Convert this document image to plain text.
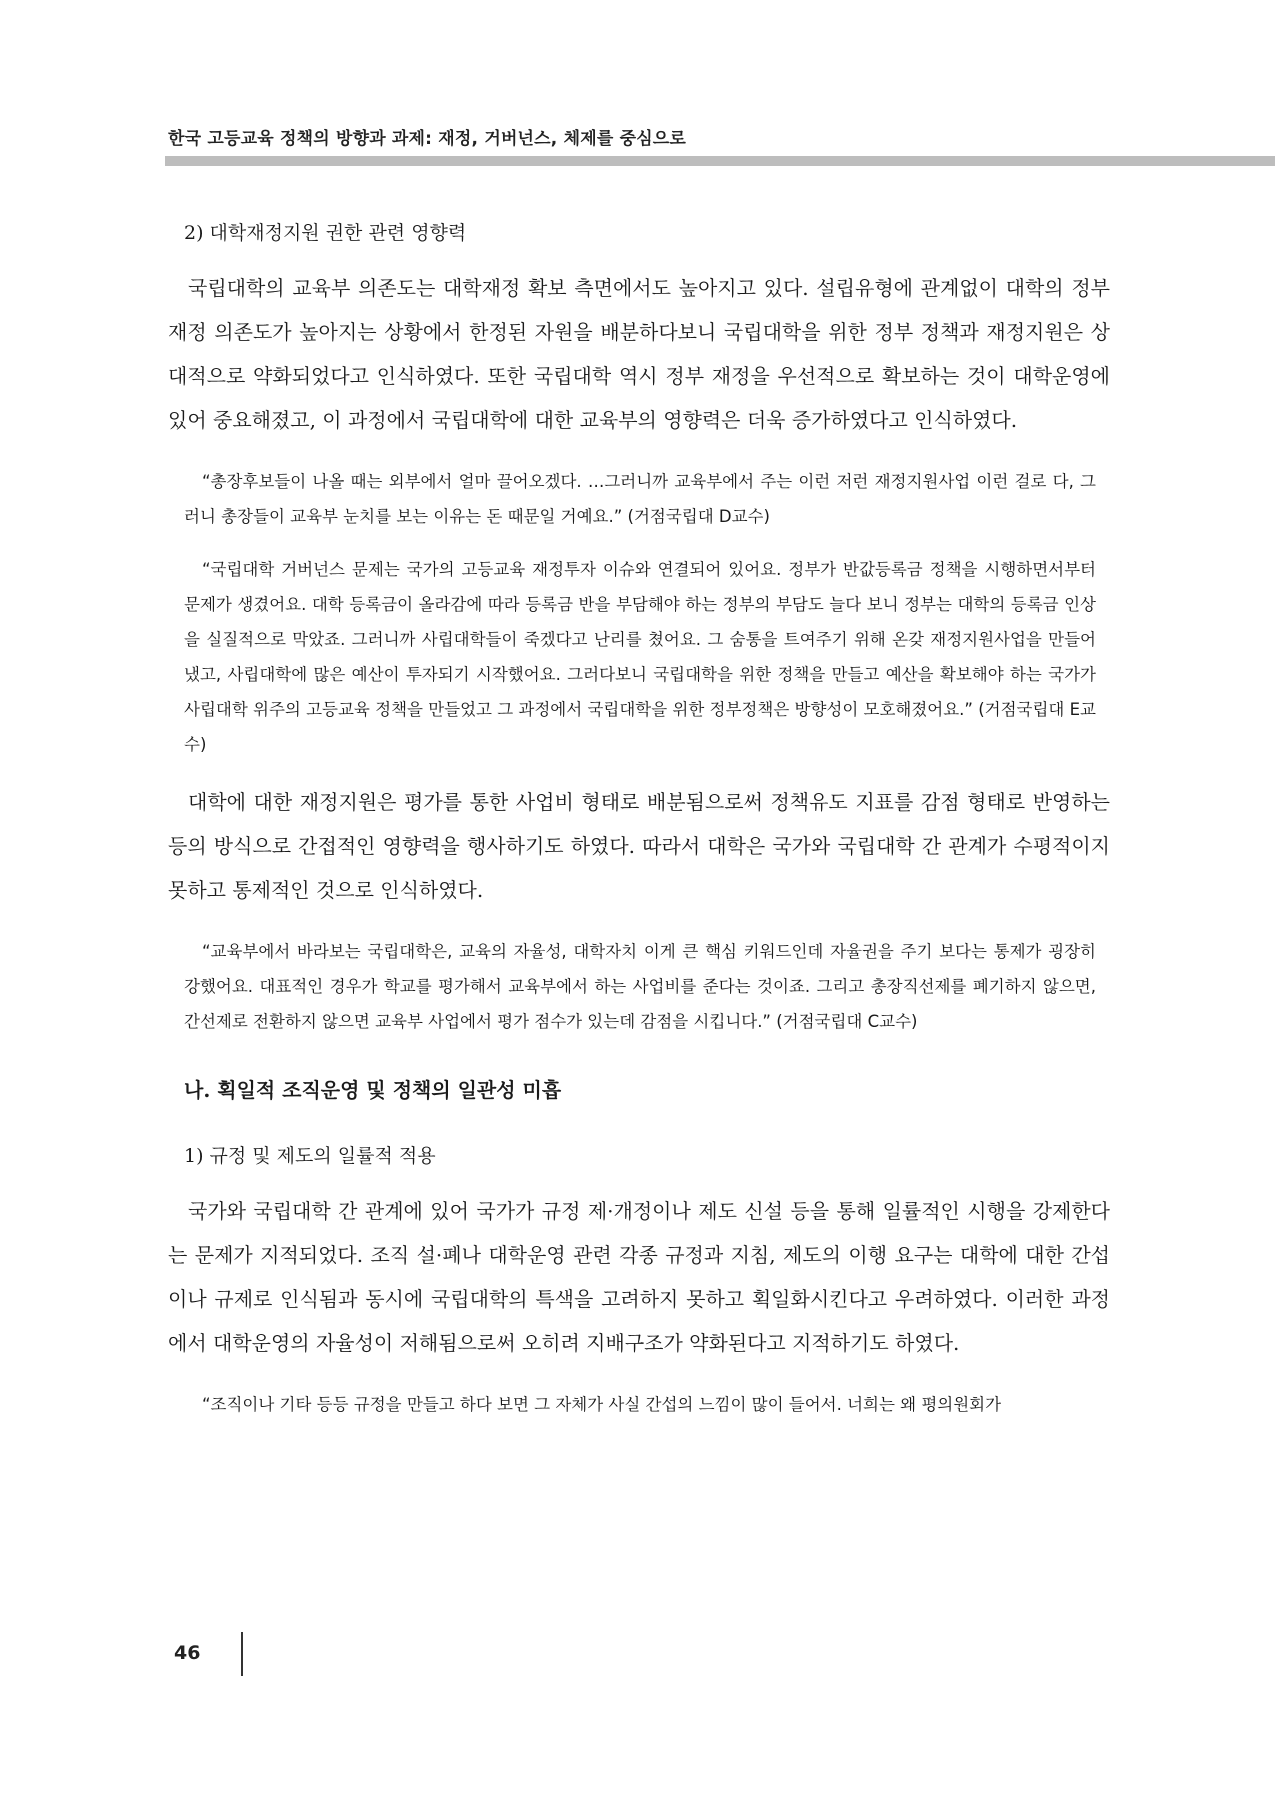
한국 고등교육 정책의 방향과 과제: 재정, 거버넌스, 체제를 중심으로

2) 대학재정지원 권한 관련 영향력

국립대학의 교육부 의존도는 대학재정 확보 측면에서도 높아지고 있다. 설립유형에 관계없이 대학의 정부 재정 의존도가 높아지는 상황에서 한정된 자원을 배분하다보니 국립대학을 위한 정부 정책과 재정지원은 상대적으로 약화되었다고 인식하였다. 또한 국립대학 역시 정부 재정을 우선적으로 확보하는 것이 대학운영에 있어 중요해졌고, 이 과정에서 국립대학에 대한 교육부의 영향력은 더욱 증가하였다고 인식하였다.

“총장후보들이 나올 때는 외부에서 얼마 끌어오겠다. …그러니까 교육부에서 주는 이런 저런 재정지원사업 이런 걸로 다, 그러니 총장들이 교육부 눈치를 보는 이유는 돈 때문일 거예요.” (거점국립대 D교수)

“국립대학 거버넌스 문제는 국가의 고등교육 재정투자 이슈와 연결되어 있어요. 정부가 반값등록금 정책을 시행하면서부터 문제가 생겼어요. 대학 등록금이 올라감에 따라 등록금 반을 부담해야 하는 정부의 부담도 늘다 보니 정부는 대학의 등록금 인상을 실질적으로 막았죠. 그러니까 사립대학들이 죽겠다고 난리를 쳤어요. 그 숨통을 트여주기 위해 온갖 재정지원사업을 만들어 냈고, 사립대학에 많은 예산이 투자되기 시작했어요. 그러다보니 국립대학을 위한 정책을 만들고 예산을 확보해야 하는 국가가 사립대학 위주의 고등교육 정책을 만들었고 그 과정에서 국립대학을 위한 정부정책은 방향성이 모호해졌어요.” (거점국립대 E교수)

대학에 대한 재정지원은 평가를 통한 사업비 형태로 배분됨으로써 정책유도 지표를 감점 형태로 반영하는 등의 방식으로 간접적인 영향력을 행사하기도 하였다. 따라서 대학은 국가와 국립대학 간 관계가 수평적이지 못하고 통제적인 것으로 인식하였다.

“교육부에서 바라보는 국립대학은, 교육의 자율성, 대학자치 이게 큰 핵심 키워드인데 자율권을 주기 보다는 통제가 굉장히 강했어요. 대표적인 경우가 학교를 평가해서 교육부에서 하는 사업비를 준다는 것이죠. 그리고 총장직선제를 폐기하지 않으면, 간선제로 전환하지 않으면 교육부 사업에서 평가 점수가 있는데 감점을 시킵니다.” (거점국립대 C교수)

나. 획일적 조직운영 및 정책의 일관성 미흡

1) 규정 및 제도의 일률적 적용

국가와 국립대학 간 관계에 있어 국가가 규정 제·개정이나 제도 신설 등을 통해 일률적인 시행을 강제한다는 문제가 지적되었다. 조직 설·폐나 대학운영 관련 각종 규정과 지침, 제도의 이행 요구는 대학에 대한 간섭이나 규제로 인식됨과 동시에 국립대학의 특색을 고려하지 못하고 획일화시킨다고 우려하였다. 이러한 과정에서 대학운영의 자율성이 저해됨으로써 오히려 지배구조가 약화된다고 지적하기도 하였다.

“조직이나 기타 등등 규정을 만들고 하다 보면 그 자체가 사실 간섭의 느낌이 많이 들어서. 너희는 왜 평의원회가

46
